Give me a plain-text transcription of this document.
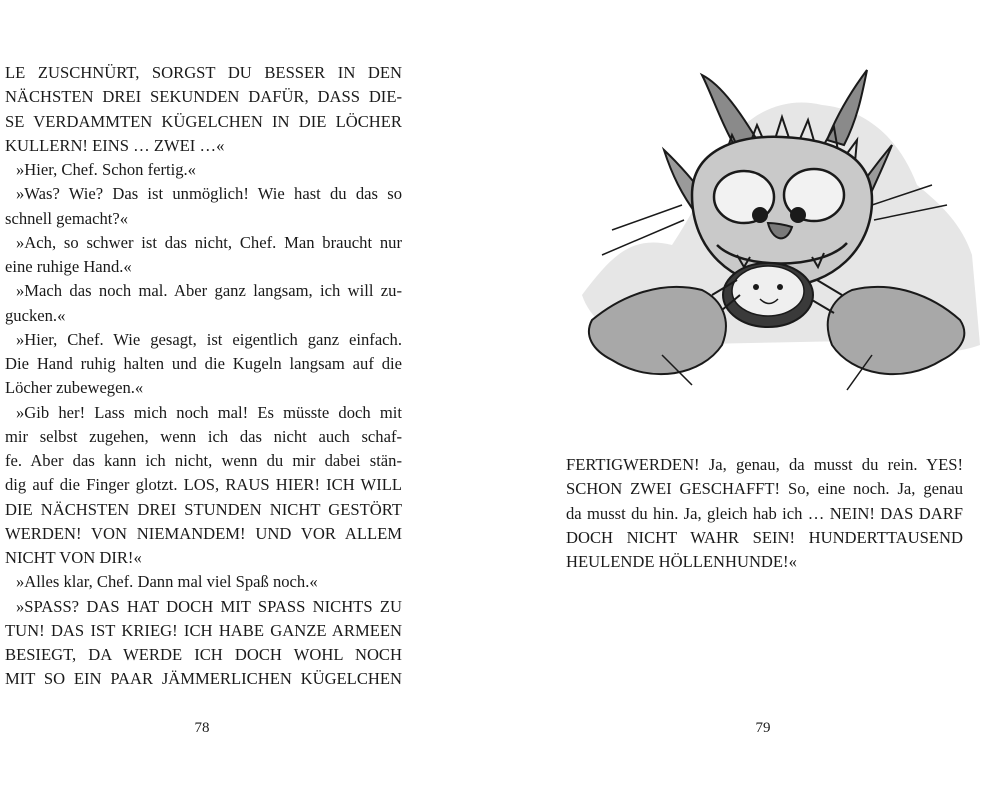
LE ZUSCHNÜRT, SORGST DU BESSER IN DEN
NÄCHSTEN DREI SEKUNDEN DAFÜR, DASS DIE-
SE VERDAMMTEN KÜGELCHEN IN DIE LÖCHER
KULLERN! EINS … ZWEI …«
»Hier, Chef. Schon fertig.«
»Was? Wie? Das ist unmöglich! Wie hast du das so
schnell gemacht?«
»Ach, so schwer ist das nicht, Chef. Man braucht nur
eine ruhige Hand.«
»Mach das noch mal. Aber ganz langsam, ich will zu-
gucken.«
»Hier, Chef. Wie gesagt, ist eigentlich ganz einfach.
Die Hand ruhig halten und die Kugeln langsam auf die
Löcher zubewegen.«
»Gib her! Lass mich noch mal! Es müsste doch mit
mir selbst zugehen, wenn ich das nicht auch schaf-
fe. Aber das kann ich nicht, wenn du mir dabei stän-
dig auf die Finger glotzt. LOS, RAUS HIER! ICH WILL
DIE NÄCHSTEN DREI STUNDEN NICHT GESTÖRT
WERDEN! VON NIEMANDEM! UND VOR ALLEM
NICHT VON DIR!«
»Alles klar, Chef. Dann mal viel Spaß noch.«
»SPASS? DAS HAT DOCH MIT SPASS NICHTS ZU
TUN! DAS IST KRIEG! ICH HABE GANZE ARMEEN
BESIEGT, DA WERDE ICH DOCH WOHL NOCH
MIT SO EIN PAAR JÄMMERLICHEN KÜGELCHEN
78
FERTIGWERDEN! Ja, genau, da musst du rein. YES!
SCHON ZWEI GESCHAFFT! So, eine noch. Ja, genau
da musst du hin. Ja, gleich hab ich … NEIN! DAS DARF
DOCH NICHT WAHR SEIN! HUNDERTTAUSEND
HEULENDE HÖLLENHUNDE!«
79
